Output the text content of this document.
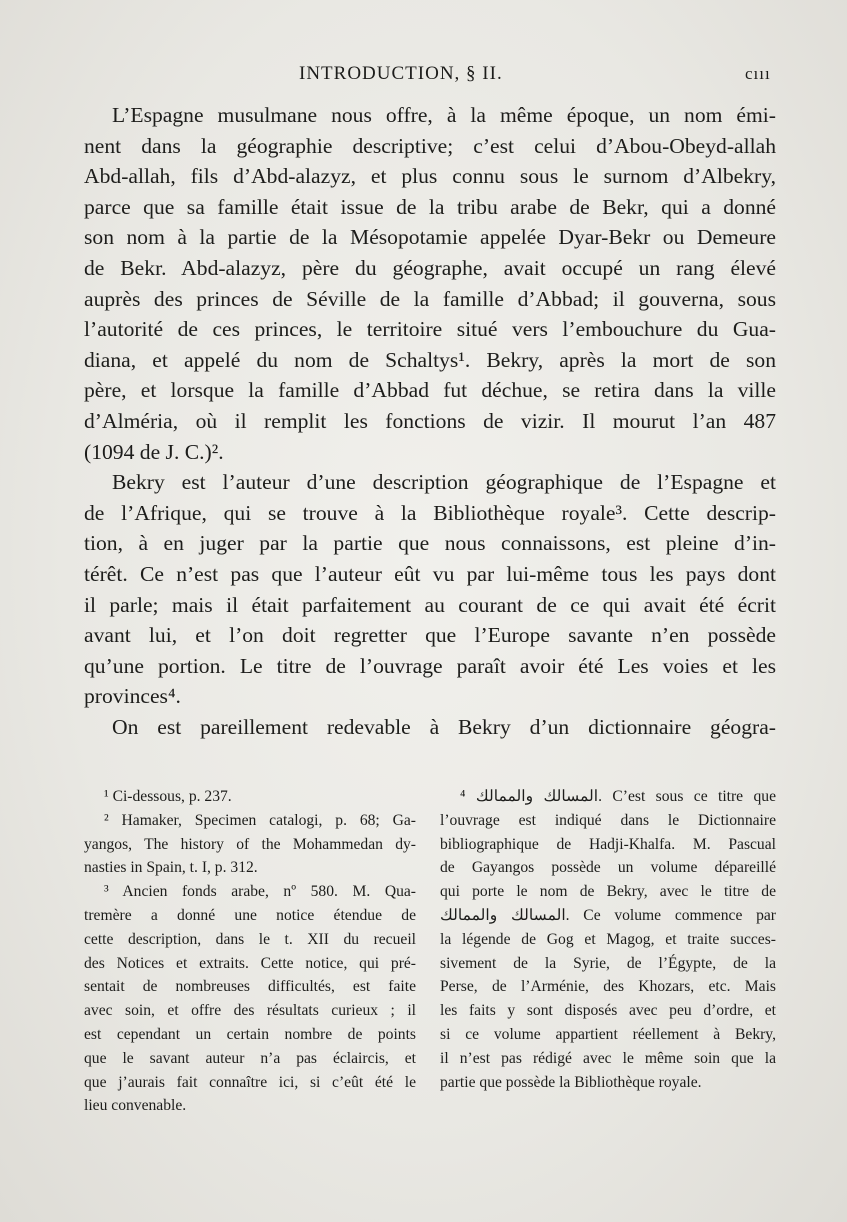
INTRODUCTION, § II.	cııı
L’Espagne musulmane nous offre, à la même époque, un nom émi-
nent dans la géographie descriptive; c’est celui d’Abou-Obeyd-allah
Abd-allah, fils d’Abd-alazyz, et plus connu sous le surnom d’Albekry,
parce que sa famille était issue de la tribu arabe de Bekr, qui a donné
son nom à la partie de la Mésopotamie appelée Dyar-Bekr ou Demeure
de Bekr. Abd-alazyz, père du géographe, avait occupé un rang élevé
auprès des princes de Séville de la famille d’Abbad; il gouverna, sous
l’autorité de ces princes, le territoire situé vers l’embouchure du Gua-
diana, et appelé du nom de Schaltys¹. Bekry, après la mort de son
père, et lorsque la famille d’Abbad fut déchue, se retira dans la ville
d’Alméria, où il remplit les fonctions de vizir. Il mourut l’an 487
(1094 de J. C.)².
Bekry est l’auteur d’une description géographique de l’Espagne et
de l’Afrique, qui se trouve à la Bibliothèque royale³. Cette descrip-
tion, à en juger par la partie que nous connaissons, est pleine d’in-
térêt. Ce n’est pas que l’auteur eût vu par lui-même tous les pays dont
il parle; mais il était parfaitement au courant de ce qui avait été écrit
avant lui, et l’on doit regretter que l’Europe savante n’en possède
qu’une portion. Le titre de l’ouvrage paraît avoir été Les voies et les
provinces⁴.
On est pareillement redevable à Bekry d’un dictionnaire géogra-
¹ Ci-dessous, p. 237.
² Hamaker, Specimen catalogi, p. 68; Ga-
yangos, The history of the Mohammedan dy-
nasties in Spain, t. I, p. 312.
³ Ancien fonds arabe, nº 580. M. Qua-
tremère a donné une notice étendue de
cette description, dans le t. XII du recueil
des Notices et extraits. Cette notice, qui pré-
sentait de nombreuses difficultés, est faite
avec soin, et offre des résultats curieux ; il
est cependant un certain nombre de points
que le savant auteur n’a pas éclaircis, et
que j’aurais fait connaître ici, si c’eût été le
lieu convenable.
⁴ المسالك والممالك. C’est sous ce titre que
l’ouvrage est indiqué dans le Dictionnaire
bibliographique de Hadji-Khalfa. M. Pascual
de Gayangos possède un volume dépareillé
qui porte le nom de Bekry, avec le titre de
المسالك والممالك. Ce volume commence par
la légende de Gog et Magog, et traite succes-
sivement de la Syrie, de l’Égypte, de la
Perse, de l’Arménie, des Khozars, etc. Mais
les faits y sont disposés avec peu d’ordre, et
si ce volume appartient réellement à Bekry,
il n’est pas rédigé avec le même soin que la
partie que possède la Bibliothèque royale.
